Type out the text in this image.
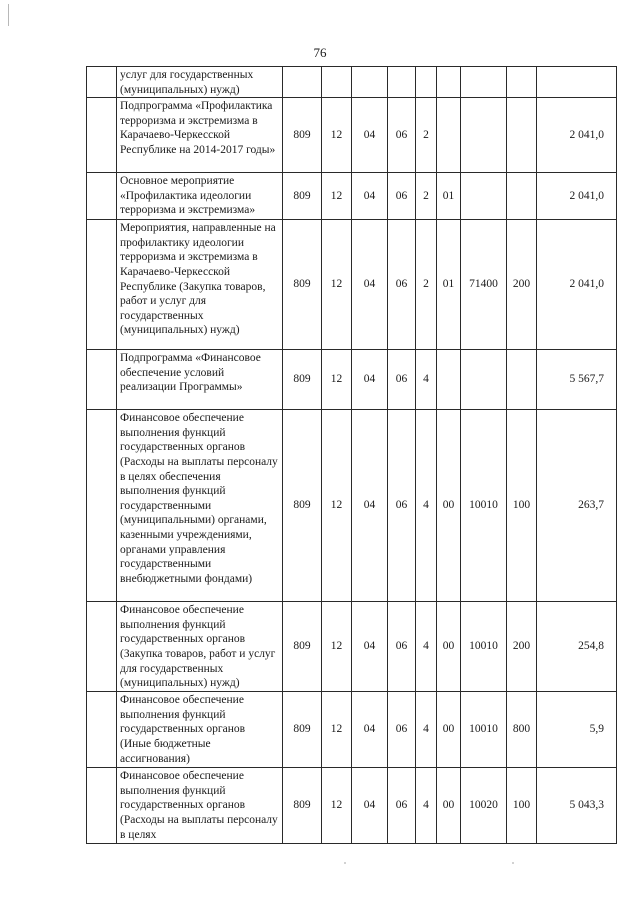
76
	услуг для государственных (муниципальных) нужд)									
	Подпрограмма «Профилактика терроризма и экстремизма в Карачаево-Черкесской Республике на 2014-2017 годы»	809	12	04	06	2				2 041,0
	Основное мероприятие «Профилактика идеологии терроризма и экстремизма»	809	12	04	06	2	01			2 041,0
	Мероприятия, направленные на профилактику идеологии терроризма и экстремизма в Карачаево-Черкесской Республике (Закупка товаров, работ и услуг для государственных (муниципальных) нужд)	809	12	04	06	2	01	71400	200	2 041,0
	Подпрограмма «Финансовое обеспечение условий реализации Программы»	809	12	04	06	4				5 567,7
	Финансовое обеспечение выполнения функций государственных органов (Расходы на выплаты персоналу в целях обеспечения выполнения функций государственными (муниципальными) органами, казенными учреждениями, органами управления государственными внебюджетными фондами)	809	12	04	06	4	00	10010	100	263,7
	Финансовое обеспечение выполнения функций государственных органов (Закупка товаров, работ и услуг для государственных (муниципальных) нужд)	809	12	04	06	4	00	10010	200	254,8
	Финансовое обеспечение выполнения функций государственных органов (Иные бюджетные ассигнования)	809	12	04	06	4	00	10010	800	5,9
	Финансовое обеспечение выполнения функций государственных органов (Расходы на выплаты персоналу в целях	809	12	04	06	4	00	10020	100	5 043,3
